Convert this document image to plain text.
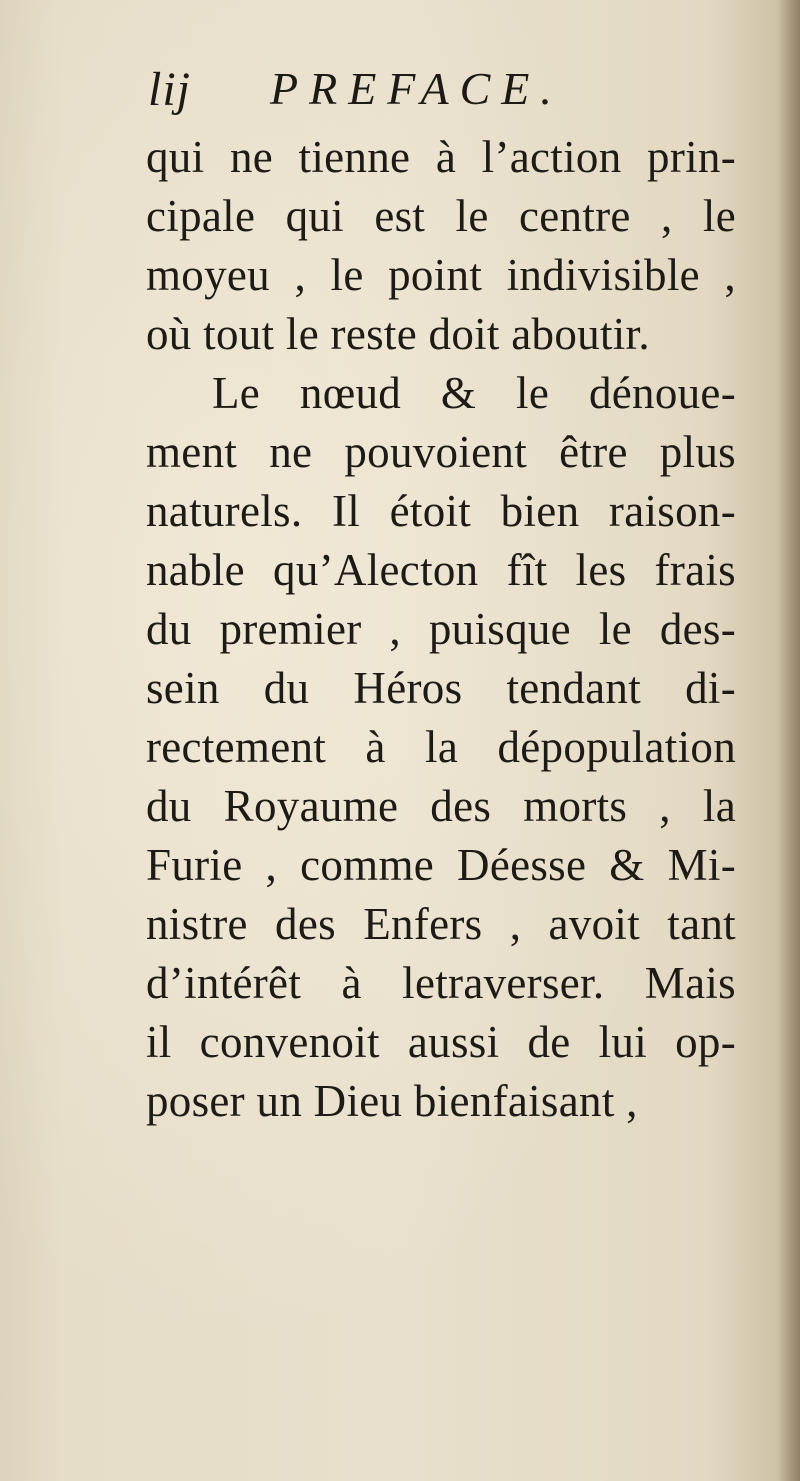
lij PREFACE.
qui ne tienne à l’action prin-
cipale qui est le centre , le
moyeu , le point indivisible ,
où tout le reste doit aboutir.
Le nœud & le dénoue-
ment ne pouvoient être plus
naturels. Il étoit bien raison-
nable qu’Alecton fît les frais
du premier , puisque le des-
sein du Héros tendant di-
rectement à la dépopulation
du Royaume des morts , la
Furie , comme Déesse & Mi-
nistre des Enfers , avoit tant
d’intérêt à letraverser. Mais
il convenoit aussi de lui op-
poser un Dieu bienfaisant ,
